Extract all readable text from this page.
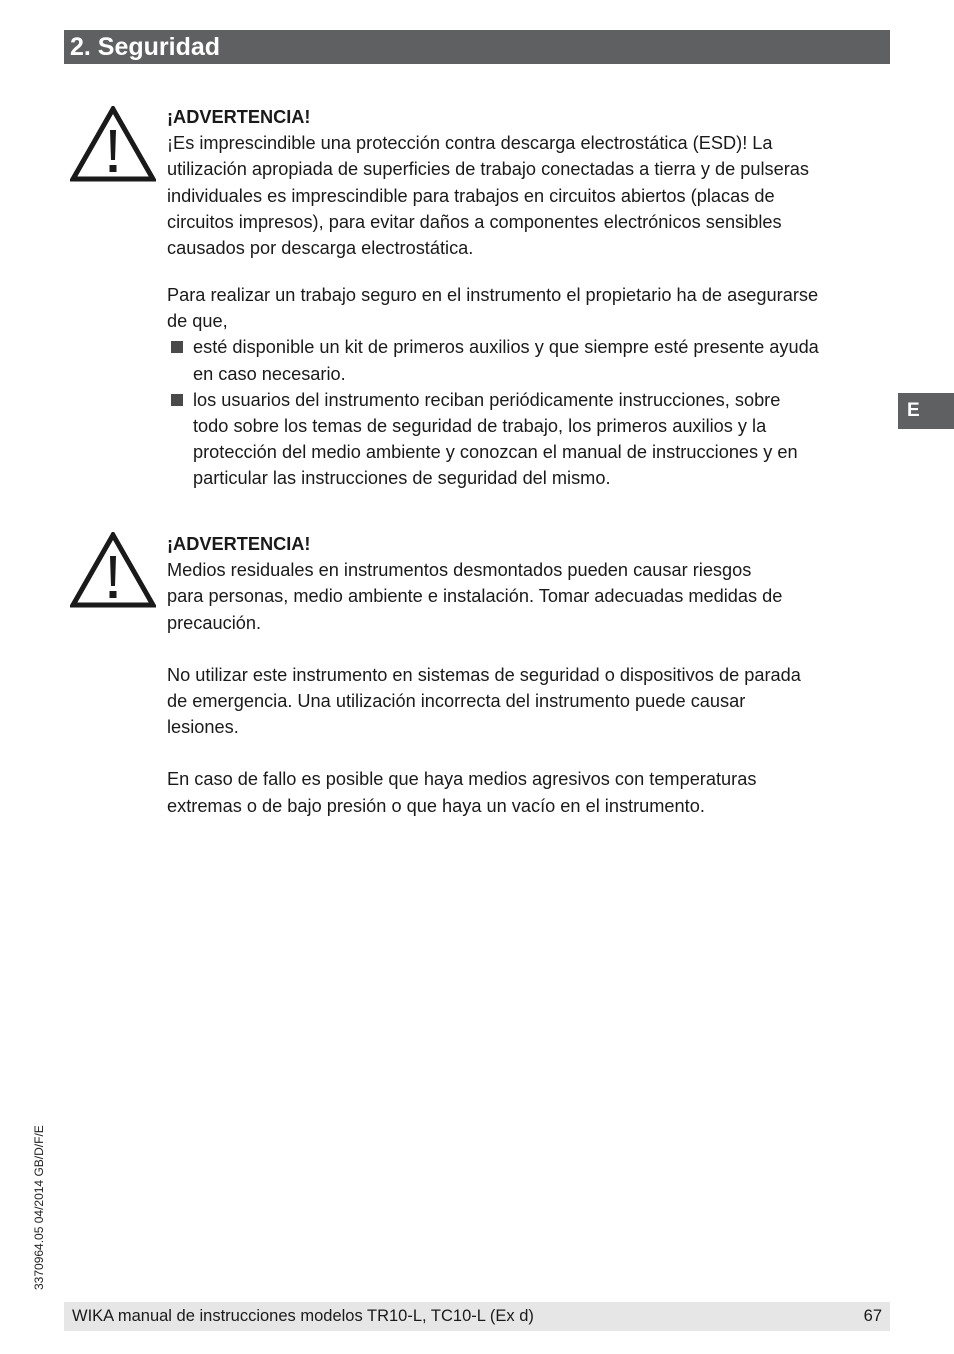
2. Seguridad
E

¡ADVERTENCIA!

¡Es imprescindible una protección contra descarga electrostática (ESD)! La

utilización apropiada de superficies de trabajo conectadas a tierra y de pulseras

individuales es imprescindible para trabajos en circuitos abiertos (placas de

circuitos impresos), para evitar daños a componentes electrónicos sensibles

causados por descarga electrostática.

Para realizar un trabajo seguro en el instrumento el propietario ha de asegurarse

de que,

esté disponible un kit de primeros auxilios y que siempre esté presente ayuda

en caso necesario.

los usuarios del instrumento reciban periódicamente instrucciones, sobre

todo sobre los temas de seguridad de trabajo, los primeros auxilios y la

protección del medio ambiente y conozcan el manual de instrucciones y en

particular las instrucciones de seguridad del mismo.

¡ADVERTENCIA!

Medios residuales en instrumentos desmontados pueden causar riesgos

para personas, medio ambiente e instalación. Tomar adecuadas medidas de

precaución.

No utilizar este instrumento en sistemas de seguridad o dispositivos de parada

de emergencia. Una utilización incorrecta del instrumento puede causar

lesiones.

En caso de fallo es posible que haya medios agresivos con temperaturas

extremas o de bajo presión o que haya un vacío en el instrumento.

3370964.05 04/2014 GB/D/F/E
WIKA manual de instrucciones modelos TR10-L, TC10-L (Ex d)	67
